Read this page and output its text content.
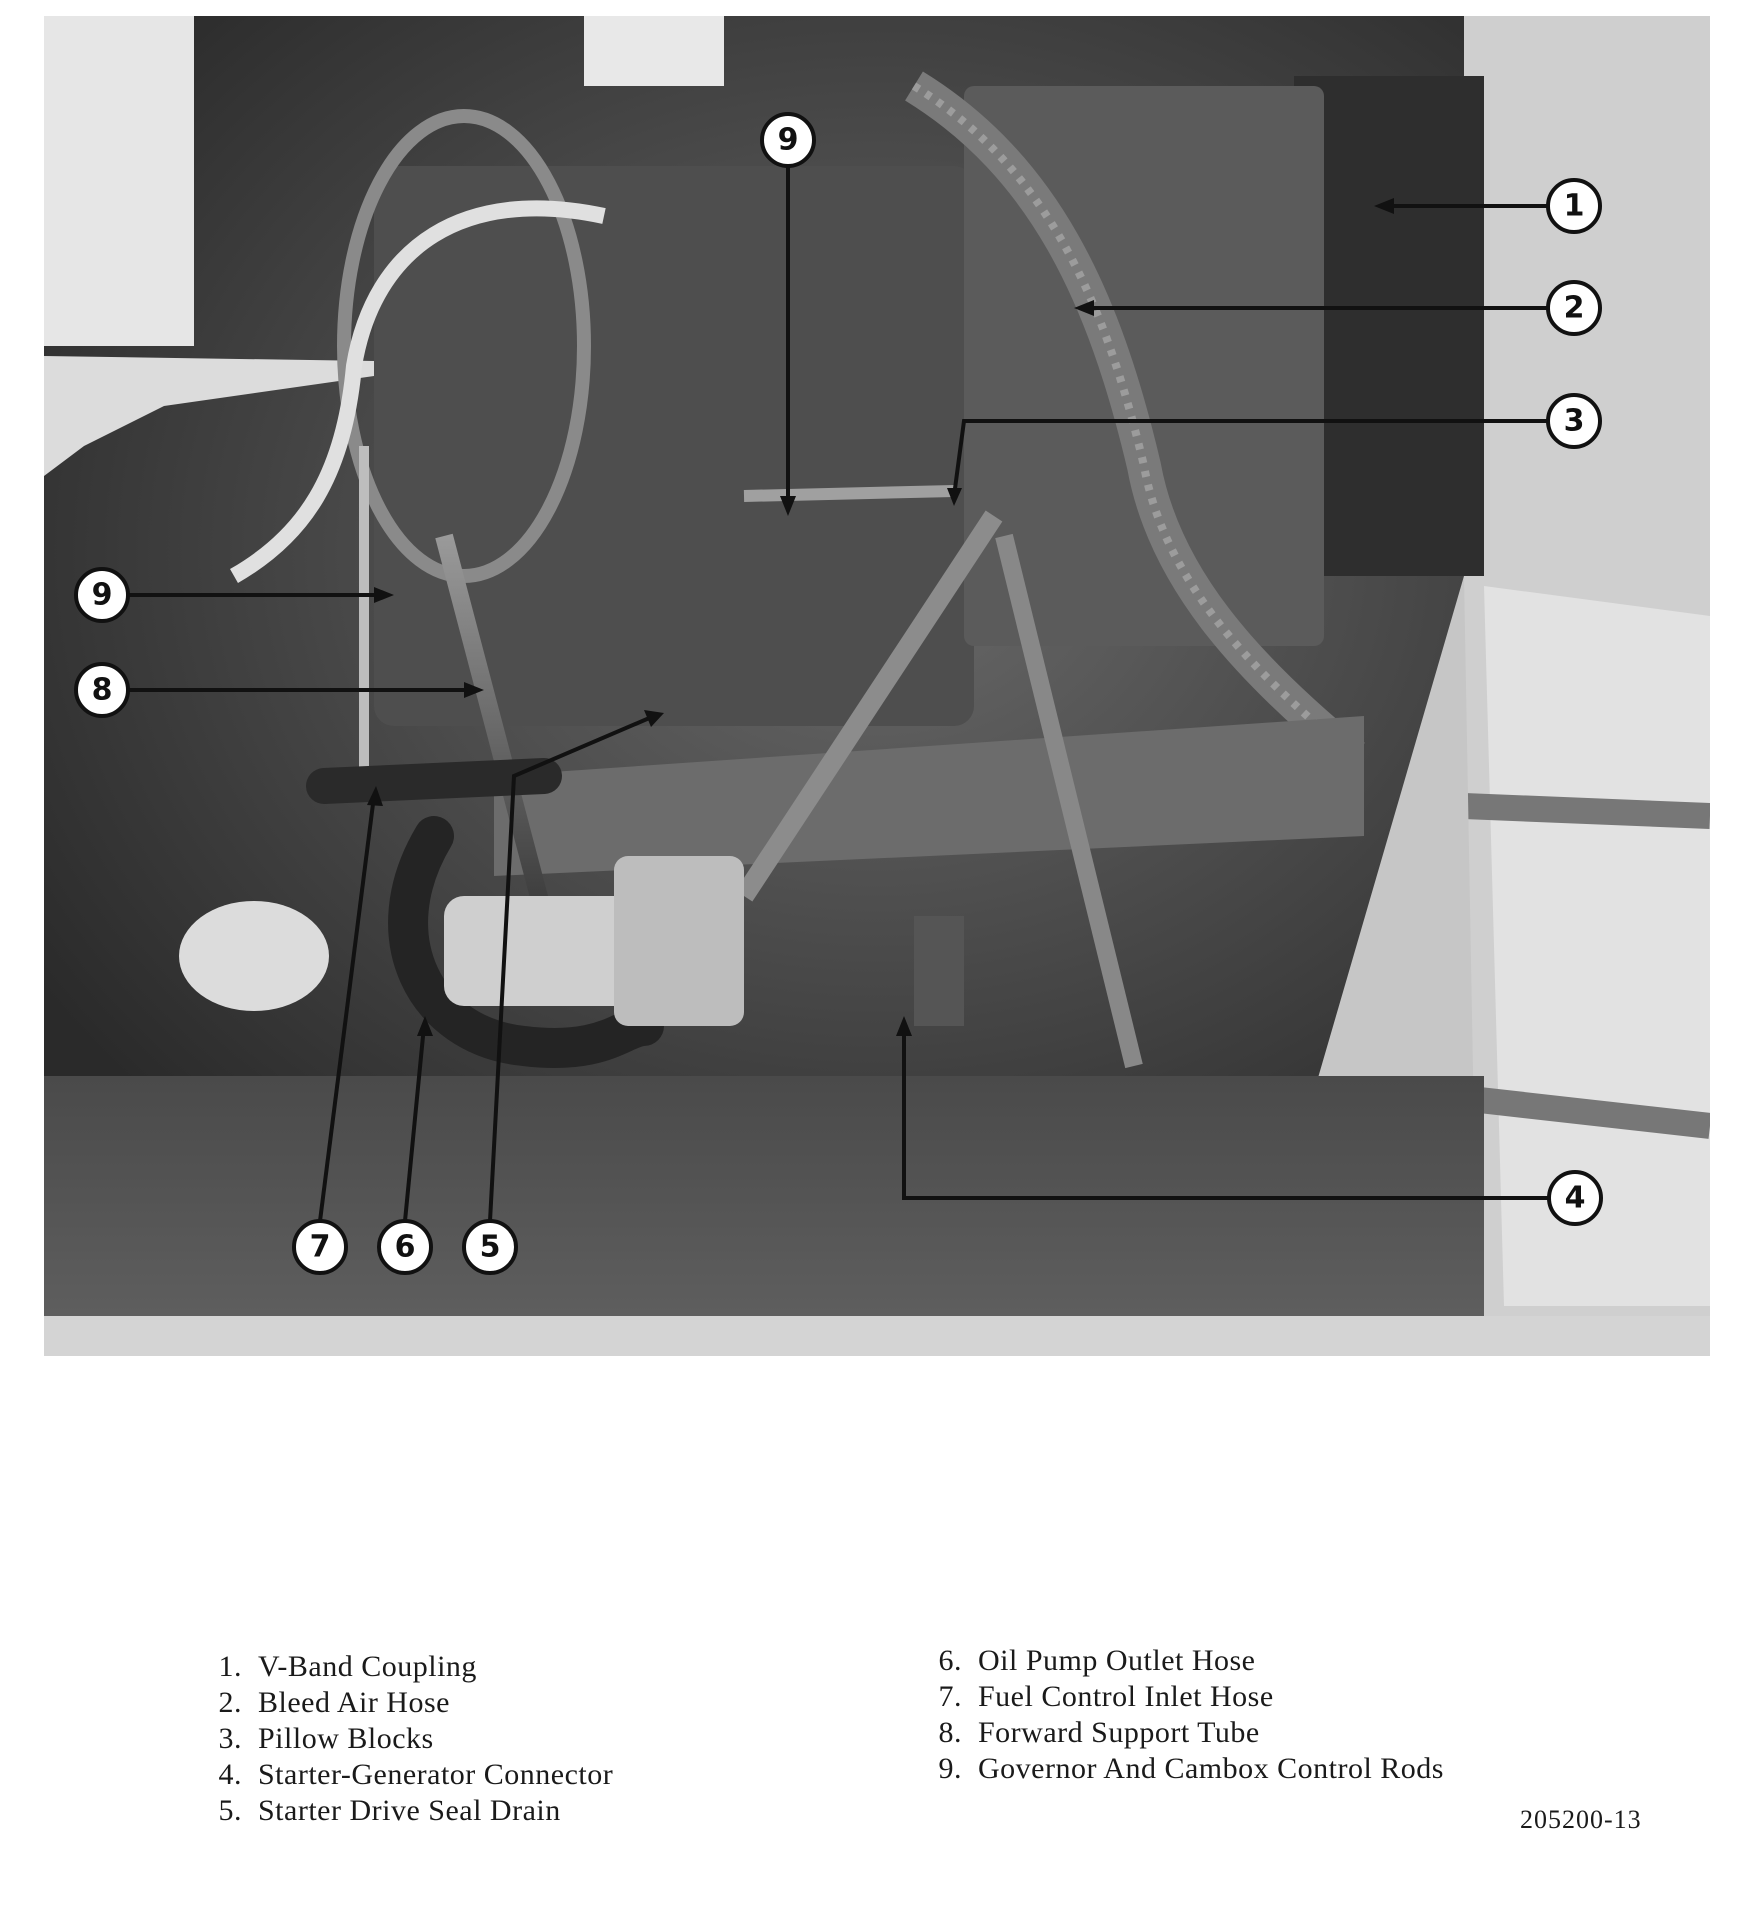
1
2
3
4
5
6
7
8
9
9
1. V-Band Coupling
2. Bleed Air Hose
3. Pillow Blocks
4. Starter-Generator Connector
5. Starter Drive Seal Drain
6. Oil Pump Outlet Hose
7. Fuel Control Inlet Hose
8. Forward Support Tube
9. Governor And Cambox Control Rods
205200-13
